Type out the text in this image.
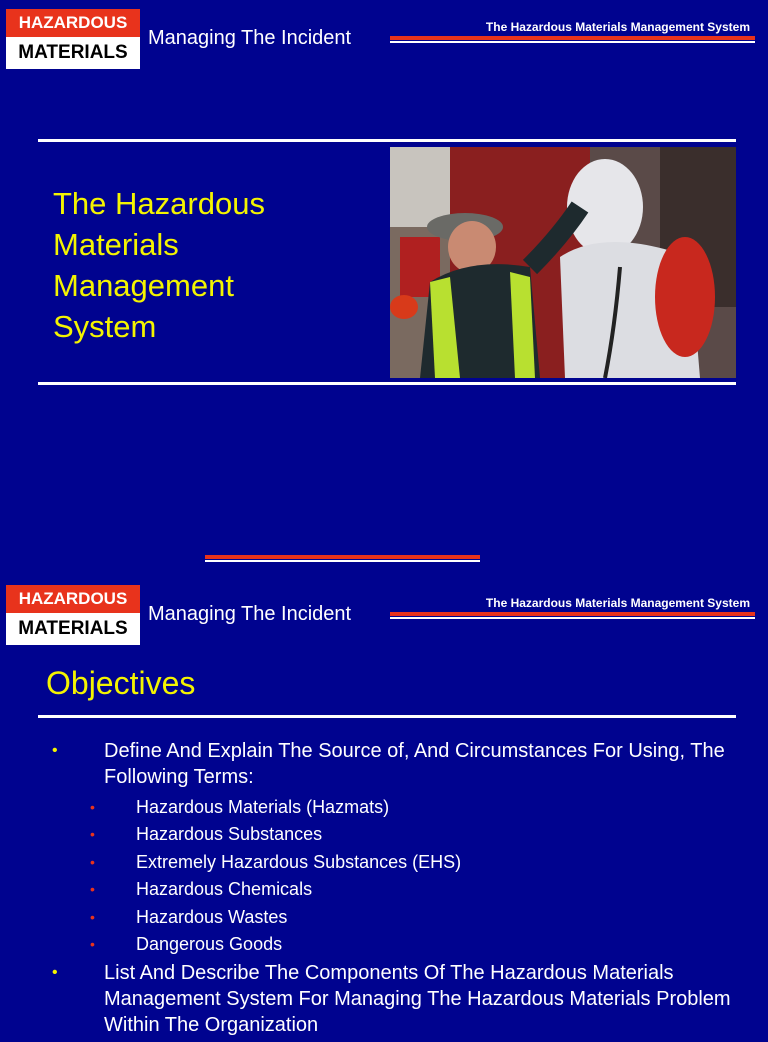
HAZARDOUS
MATERIALS
Managing The Incident	The Hazardous Materials Management System
The Hazardous
Materials
Management
System
HAZARDOUS
MATERIALS
Managing The Incident	The Hazardous Materials Management System
Objectives
• Define And Explain The Source of, And Circumstances For Using, The Following Terms:
• Hazardous Materials (Hazmats)
• Hazardous Substances
• Extremely Hazardous Substances (EHS)
• Hazardous Chemicals
• Hazardous Wastes
• Dangerous Goods
• List And Describe The Components Of The Hazardous Materials Management System For Managing The Hazardous Materials Problem Within The Organization
